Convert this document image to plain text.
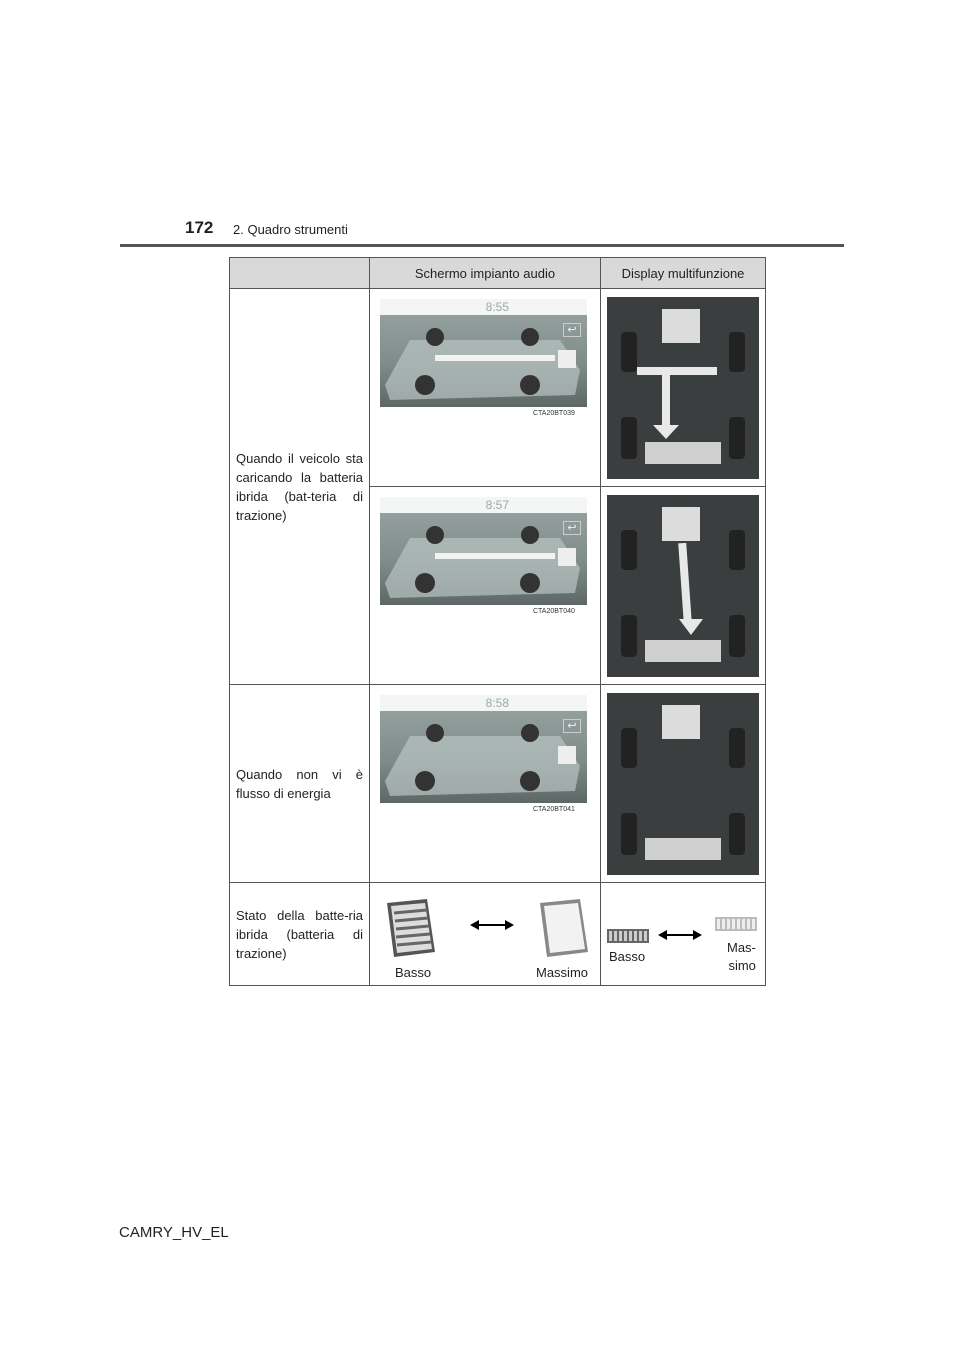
172 2. Quadro strumenti
	Schermo impianto audio	Display multifunzione
Quando il veicolo sta caricando la batteria ibrida (bat-teria di trazione)	8:55
↩
CTA20BT039

	8:57
↩
CTA20BT040

Quando non vi è flusso di energia	8:58
↩
CTA20BT041

Stato della batte-ria ibrida (batteria di trazione)	Basso Massimo	Basso
Mas-
simo
CAMRY_HV_EL
